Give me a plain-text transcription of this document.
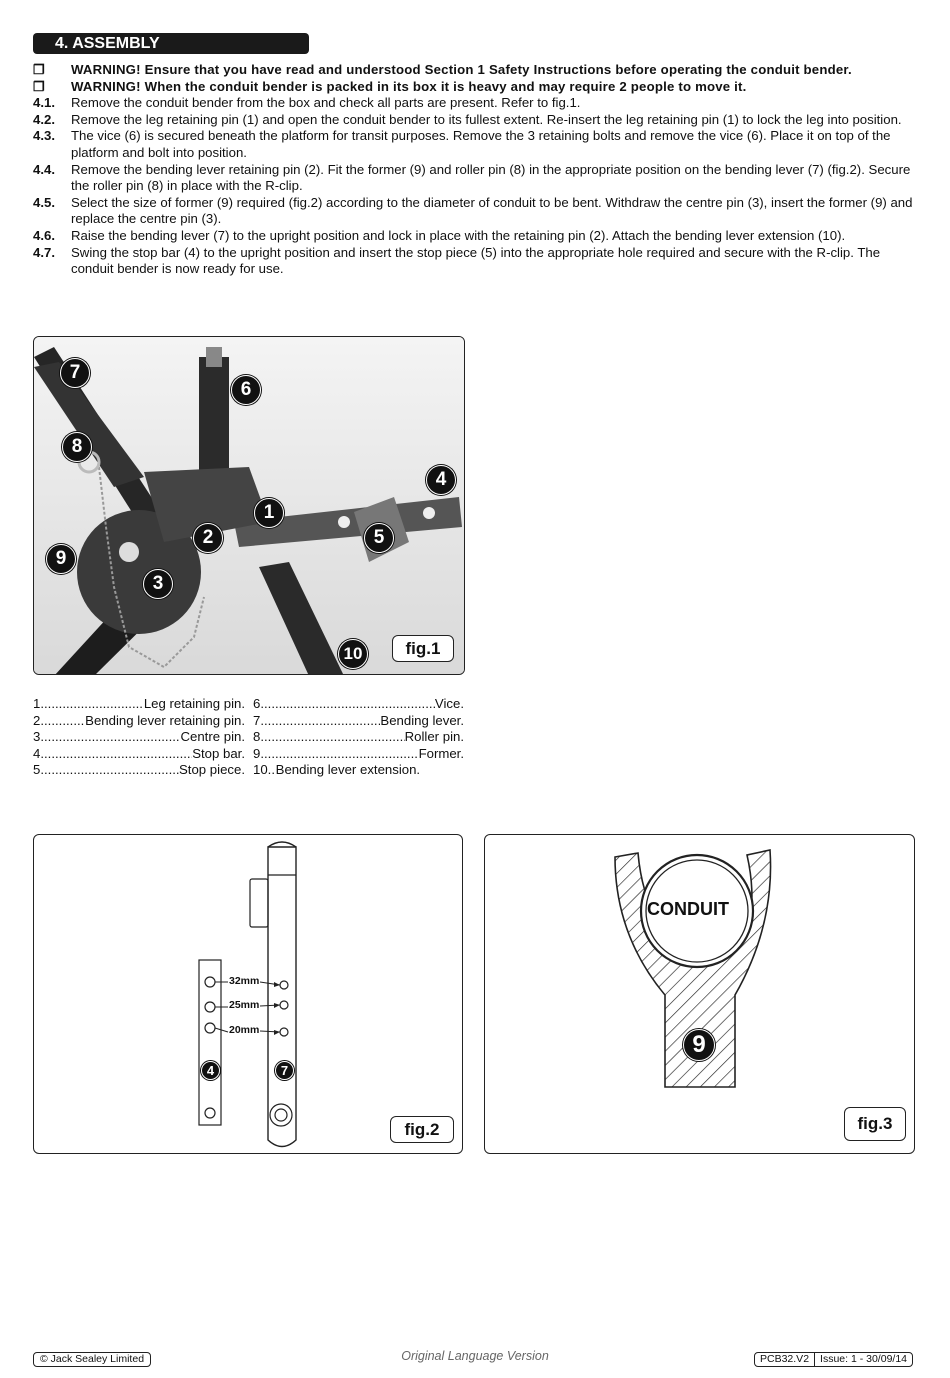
4. ASSEMBLY
❐ WARNING! Ensure that you have read and understood Section 1 Safety Instructions before operating the conduit bender.
❐ WARNING! When the conduit bender is packed in its box it is heavy and may require 2 people to move it.
4.1. Remove the conduit bender from the box and check all parts are present. Refer to fig.1.
4.2. Remove the leg retaining pin (1) and open the conduit bender to its fullest extent. Re-insert the leg retaining pin (1) to lock the leg into position.
4.3. The vice (6) is secured beneath the platform for transit purposes. Remove the 3 retaining bolts and remove the vice (6). Place it on top of the platform and bolt into position.
4.4. Remove the bending lever retaining pin (2). Fit the former (9) and roller pin (8) in the appropriate position on the bending lever (7) (fig.2). Secure the roller pin (8) in place with the R-clip.
4.5. Select the size of former (9) required (fig.2) according to the diameter of conduit to be bent. Withdraw the centre pin (3), insert the former (9) and replace the centre pin (3).
4.6. Raise the bending lever (7) to the upright position and lock in place with the retaining pin (2). Attach the bending lever extension (10).
4.7. Swing the stop bar (4) to the upright position and insert the stop piece (5) into the appropriate hole required and secure with the R-clip. The conduit bender is now ready for use.
7
6
8
4
1
2	5
9
3
10	fig.1
1 .....	Leg retaining pin.
2 .....	Bending lever retaining pin.
3 .....	Centre pin.
4 .....	Stop bar.
5 .....	Stop piece.
6 .....	Vice.
7 .....	Bending lever.
8 .....	Roller pin.
9 .....	Former.
10 ..... Bending lever extension.
32mm
25mm
20mm
4	7
fig.2
CONDUIT
9
fig.3
© Jack Sealey Limited	Original Language Version	PCB32.V2 Issue: 1 - 30/09/14
